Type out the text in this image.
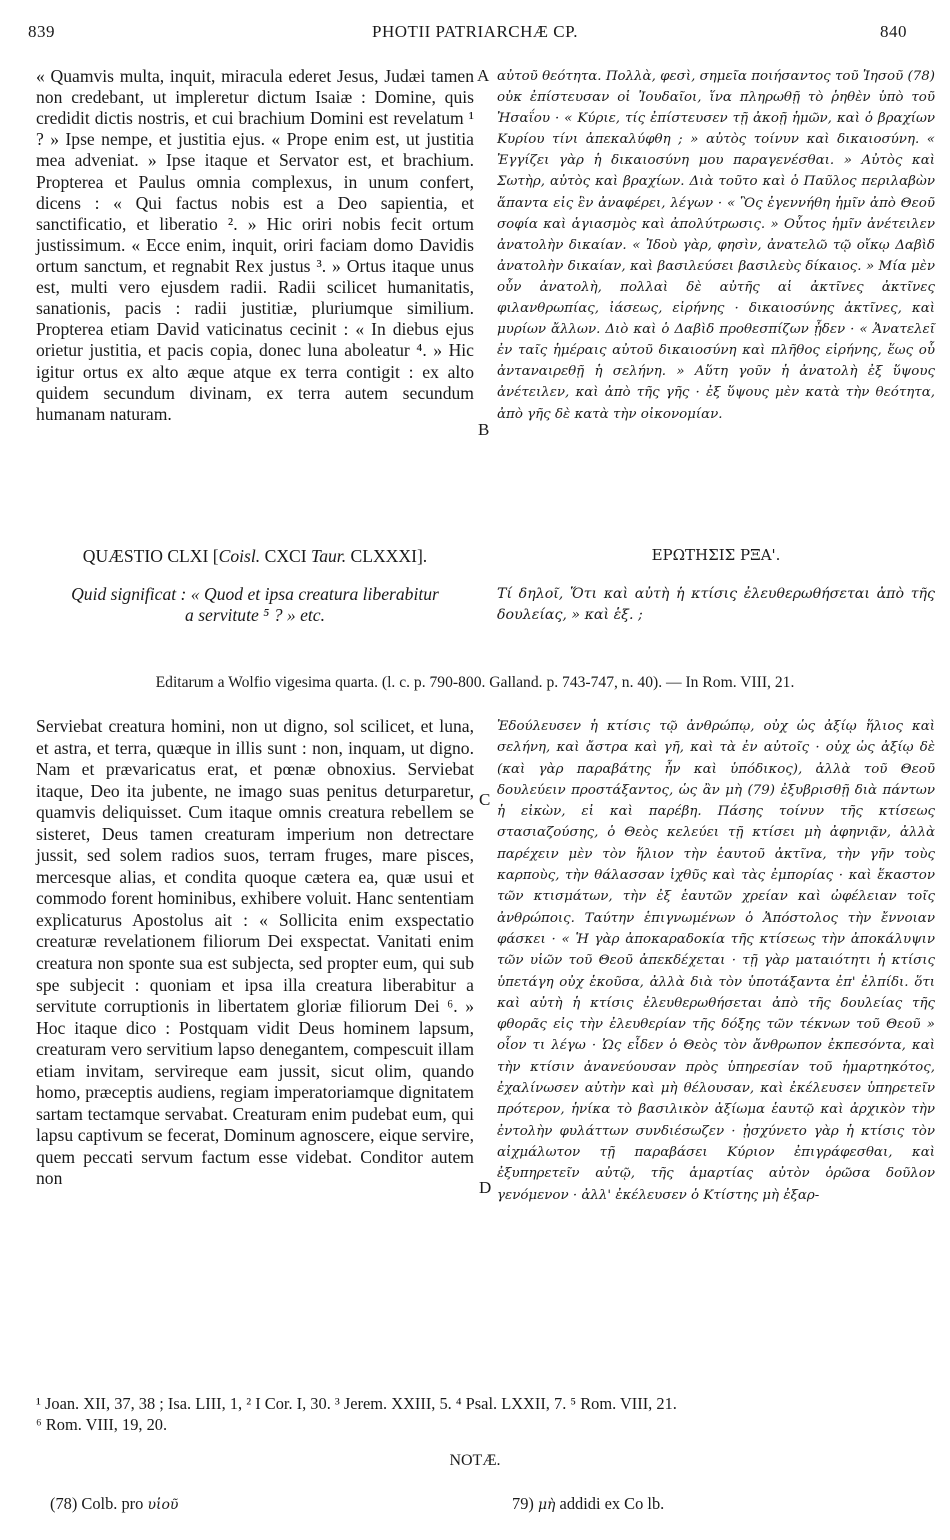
839	PHOTII PATRIARCHÆ CP.	840

« Quamvis multa, inquit, miracula ederet Jesus, Judæi tamen non credebant, ut impleretur dictum Isaiæ : Domine, quis credidit dictis nostris, et cui brachium Domini est revelatum ¹ ? » Ipse nempe, et justitia ejus. « Prope enim est, ut justitia mea adveniat. » Ipse itaque et Servator est, et brachium. Propterea et Paulus omnia complexus, in unum confert, dicens : « Qui factus nobis est a Deo sapientia, et sanctificatio, et liberatio ². » Hic oriri nobis fecit ortum justissimum. « Ecce enim, inquit, oriri faciam domo Davidis ortum sanctum, et regnabit Rex justus ³. » Ortus itaque unus est, multi vero ejusdem radii. Radii scilicet humanitatis, sanationis, pacis : radii justitiæ, pluriumque similium. Propterea etiam David vaticinatus cecinit : « In diebus ejus orietur justitia, et pacis copia, donec luna aboleatur ⁴. » Hic igitur ortus ex alto æque atque ex terra contigit : ex alto quidem secundum divinam, ex terra autem secundum humanam naturam.

αὐτοῦ θεότητα. Πολλὰ, φεσὶ, σημεῖα ποιήσαντος τοῦ Ἰησοῦ (78) οὐκ ἐπίστευσαν οἱ Ἰουδαῖοι, ἵνα πληρωθῇ τὸ ῥηθὲν ὑπὸ τοῦ Ἠσαΐου · « Κύριε, τίς ἐπίστευσεν τῇ ἀκοῇ ἡμῶν, καὶ ὁ βραχίων Κυρίου τίνι ἀπεκαλύφθη ; » αὐτὸς τοίνυν καὶ δικαιοσύνη. « Ἐγγίζει γὰρ ἡ δικαιοσύνη μου παραγενέσθαι. » Αὐτὸς καὶ Σωτὴρ, αὐτὸς καὶ βραχίων. Διὰ τοῦτο καὶ ὁ Παῦλος περιλαβὼν ἅπαντα εἰς ἓν ἀναφέρει, λέγων · « Ὃς ἐγεννήθη ἡμῖν ἀπὸ Θεοῦ σοφία καὶ ἁγιασμὸς καὶ ἀπολύτρωσις. » Οὗτος ἡμῖν ἀνέτειλεν ἀνατολὴν δικαίαν. « Ἰδοὺ γὰρ, φησὶν, ἀνατελῶ τῷ οἴκῳ Δαβὶδ ἀνατολὴν δικαίαν, καὶ βασιλεύσει βασιλεὺς δίκαιος. » Μία μὲν οὖν ἀνατολὴ, πολλαὶ δὲ αὐτῆς αἱ ἀκτῖνες ἀκτῖνες φιλανθρωπίας, ἰάσεως, εἰρήνης · δικαιοσύνης ἀκτῖνες, καὶ μυρίων ἄλλων. Διὸ καὶ ὁ Δαβὶδ προθεσπίζων ᾖδεν · « Ἀνατελεῖ ἐν ταῖς ἡμέραις αὐτοῦ δικαιοσύνη καὶ πλῆθος εἰρήνης, ἕως οὗ ἀνταναιρεθῇ ἡ σελήνη. » Αὕτη γοῦν ἡ ἀνατολὴ ἐξ ὕψους ἀνέτειλεν, καὶ ἀπὸ τῆς γῆς · ἐξ ὕψους μὲν κατὰ τὴν θεότητα, ἀπὸ γῆς δὲ κατὰ τὴν οἰκονομίαν.

A
B
QUÆSTIO CLXI [Coisl. CXCI Taur. CLXXXI].	ΕΡΩΤΗΣΙΣ ΡΞΑ'.
Quid significat : « Quod et ipsa creatura liberabitur
a servitute ⁵ ? » etc.

Τί δηλοῖ, Ὅτι καὶ αὐτὴ ἡ κτίσις ἐλευθερωθήσεται ἀπὸ τῆς δουλείας, » καὶ ἑξ. ;

Editarum a Wolfio vigesima quarta. (l. c. p. 790-800. Galland. p. 743-747, n. 40). — In Rom. VIII, 21.

Serviebat creatura homini, non ut digno, sol scilicet, et luna, et astra, et terra, quæque in illis sunt : non, inquam, ut digno. Nam et prævaricatus erat, et pœnæ obnoxius. Serviebat itaque, Deo ita jubente, ne imago suas penitus deturparetur, quamvis deliquisset. Cum itaque omnis creatura rebellem se sisteret, Deus tamen creaturam imperium non detrectare jussit, sed solem radios suos, terram fruges, mare pisces, mercesque alias, et condita quoque cætera ea, quæ usui et commodo forent hominibus, exhibere voluit. Hanc sententiam explicaturus Apostolus ait : « Sollicita enim exspectatio creaturæ revelationem filiorum Dei exspectat. Vanitati enim creatura non sponte sua est subjecta, sed propter eum, qui sub spe subjecit : quoniam et ipsa illa creatura liberabitur a servitute corruptionis in libertatem gloriæ filiorum Dei ⁶. » Hoc itaque dico : Postquam vidit Deus hominem lapsum, creaturam vero servitium lapso denegantem, compescuit illam etiam invitam, servireque eam jussit, sicut olim, quando homo, præceptis audiens, regiam imperatoriamque dignitatem sartam tectamque servabat. Creaturam enim pudebat eum, qui lapsu captivum se fecerat, Dominum agnoscere, eique servire, quem peccati servum factum esse videbat. Conditor autem non

Ἐδούλευσεν ἡ κτίσις τῷ ἀνθρώπῳ, οὐχ ὡς ἀξίῳ ἥλιος καὶ σελήνη, καὶ ἄστρα καὶ γῆ, καὶ τὰ ἐν αὐτοῖς · οὐχ ὡς ἀξίῳ δὲ (καὶ γὰρ παραβάτης ἦν καὶ ὑπόδικος), ἀλλὰ τοῦ Θεοῦ δουλεύειν προστάξαντος, ὡς ἂν μὴ (79) ἐξυβρισθῇ διὰ πάντων ἡ εἰκὼν, εἰ καὶ παρέβη. Πάσης τοίνυν τῆς κτίσεως στασιαζούσης, ὁ Θεὸς κελεύει τῇ κτίσει μὴ ἀφηνιᾷν, ἀλλὰ παρέχειν μὲν τὸν ἥλιον τὴν ἑαυτοῦ ἀκτῖνα, τὴν γῆν τοὺς καρποὺς, τὴν θάλασσαν ἰχθῦς καὶ τὰς ἐμπορίας · καὶ ἕκαστον τῶν κτισμάτων, τὴν ἐξ ἑαυτῶν χρείαν καὶ ὠφέλειαν τοῖς ἀνθρώποις. Ταύτην ἑπιγνωμένων ὁ Ἀπόστολος τὴν ἔννοιαν φάσκει · « Ἡ γὰρ ἀποκαραδοκία τῆς κτίσεως τὴν ἀποκάλυψιν τῶν υἱῶν τοῦ Θεοῦ ἀπεκδέχεται · τῇ γὰρ ματαιότητι ἡ κτίσις ὑπετάγη οὐχ ἑκοῦσα, ἀλλὰ διὰ τὸν ὑποτάξαντα ἐπ' ἐλπίδι. ὅτι καὶ αὐτὴ ἡ κτίσις ἐλευθερωθήσεται ἀπὸ τῆς δουλείας τῆς φθορᾶς εἰς τὴν ἐλευθερίαν τῆς δόξης τῶν τέκνων τοῦ Θεοῦ » οἷον τι λέγω · Ὡς εἶδεν ὁ Θεὸς τὸν ἄνθρωπον ἐκπεσόντα, καὶ τὴν κτίσιν ἀνανεύουσαν πρὸς ὑπηρεσίαν τοῦ ἡμαρτηκότος, ἐχαλίνωσεν αὐτὴν καὶ μὴ θέλουσαν, καὶ ἐκέλευσεν ὑπηρετεῖν πρότερον, ἡνίκα τὸ βασιλικὸν ἀξίωμα ἑαυτῷ καὶ ἀρχικὸν τὴν ἐντολὴν φυλάττων συνδιέσωζεν · ᾐσχύνετο γὰρ ἡ κτίσις τὸν αἰχμάλωτον τῇ παραβάσει Κύριον ἐπιγράφεσθαι, καὶ ἐξυπηρετεῖν αὐτῷ, τῆς ἁμαρτίας αὐτὸν ὁρῶσα δοῦλον γενόμενον · ἀλλ' ἐκέλευσεν ὁ Κτίστης μὴ ἐξαρ-

C
D
¹ Joan. XII, 37, 38 ; Isa. LIII, 1, ² I Cor. I, 30. ³ Jerem. XXIII, 5. ⁴ Psal. LXXII, 7. ⁵ Rom. VIII, 21.
⁶ Rom. VIII, 19, 20.
NOTÆ.
(78) Colb. pro υἱοῦ	79) μὴ addidi ex Co lb.
